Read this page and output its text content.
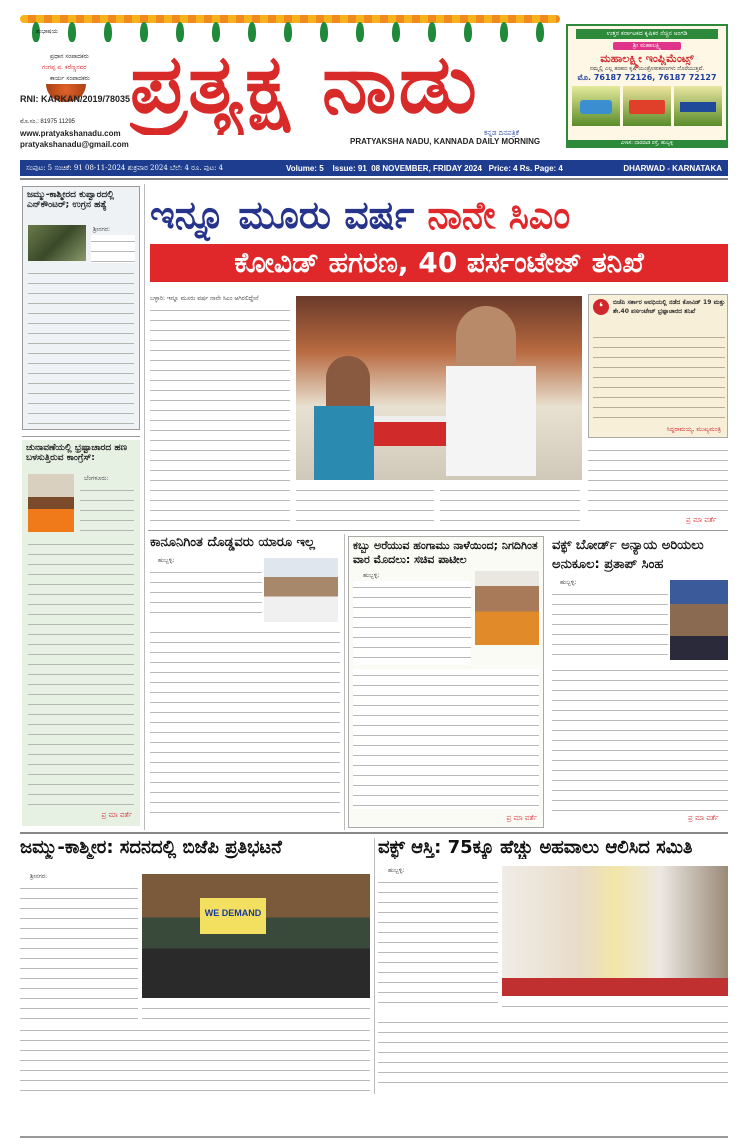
ಶುಭಾಷಯ
ಪ್ರಧಾನ ಸಂಪಾದಕರು
ಗಂಗಪ್ಪ ಪ. ಕರೆಣ್ಣನವರ
ಕಾರ್ಯ ಸಂಪಾದಕರು
RNI: KARKAN/2019/78035
ಮೊ.ಸಂ.: 81975 11295
www.pratyakshanadu.com
pratyakshanadu@gmail.com
ಪ್ರತ್ಯಕ್ಷ ನಾಡು
ಕನ್ನಡ ದಿನಪತ್ರಿಕೆ
PRATYAKSHA NADU, KANNADA DAILY MORNING
ಉತ್ತರ ಕರ್ನಾಟಕದ ಕೃಷಿಕರ ನೆಚ್ಚಿನ ಅಂಗಡಿ
ಶ್ರೀ ಮಹಾಲಕ್ಷ್ಮಿ
ಮಹಾಲಕ್ಷ್ಮೀ ಇಂಪ್ಲಿಮೆಂಟ್ಸ್
ನಮ್ಮಲ್ಲಿ ಎಲ್ಲ ತರಹದ ಕೃಷಿ ಯಂತ್ರೋಪಕರಣಗಳು ದೊರೆಯುತ್ತವೆ.
ಮೊ. 76187 72126, 76187 72127
ವಿಳಾಸ: ಧಾರವಾಡ ರಸ್ತೆ, ಹುಬ್ಬಳ್ಳಿ
ಸಂಪುಟ: 5 ಸಂಚಿಕೆ: 91 08-11-2024 ಶುಕ್ರವಾರ 2024 ಬೆಲೆ: 4 ರೂ. ಪುಟ: 4	Volume: 5 Issue: 91 08 NOVEMBER, FRIDAY 2024 Price: 4 Rs. Page: 4	DHARWAD - KARNATAKA
ಜಮ್ಮು-ಕಾಶ್ಮೀರದ ಕುಪ್ವಾರದಲ್ಲಿ ಎನ್‌ಕೌಂಟರ್; ಉಗ್ರನ ಹತ್ಯೆ
ಶ್ರೀನಗರ:
ಚುನಾವಣೆಯಲ್ಲಿ ಭ್ರಷ್ಟಾಚಾರದ ಹಣ ಬಳಸುತ್ತಿರುವ ಕಾಂಗ್ರೆಸ್:
ಬೆಂಗಳೂರು:
ಪ್ರ ಮಾ ವರ್ತೆ
ಇನ್ನೂ ಮೂರು ವರ್ಷ ನಾನೇ ಸಿಎಂ
ಕೋವಿಡ್ ಹಗರಣ, 40 ಪರ್ಸಂಟೇಜ್ ತನಿಖೆ
ಬಳ್ಳಾರಿ: ಇನ್ನೂ ಮೂರು ವರ್ಷ ನಾನೇ ಸಿಎಂ ಆಗಿರಲಿದ್ದೇನೆ
❛	ಬಿಜೆಪಿ ಸರ್ಕಾರ ಅವಧಿಯಲ್ಲಿ ನಡೆದ ಕೋವಿಡ್ 19 ಮತ್ತು ಶೇ.40 ಪರ್ಸಂಟೇಜ್ ಭ್ರಷ್ಟಾಚಾರದ ತನಿಖೆ
ಸಿದ್ದರಾಮಯ್ಯ, ಮುಖ್ಯಮಂತ್ರಿ
ಪ್ರ ಮಾ ವರ್ತೆ
ಕಾನೂನಿಗಿಂತ ದೊಡ್ಡವರು ಯಾರೂ ಇಲ್ಲ
ಹುಬ್ಬಳ್ಳಿ:
ಕಬ್ಬು ಅರೆಯುವ ಹಂಗಾಮು ನಾಳೆಯಿಂದ; ನಿಗದಿಗಿಂತ ವಾರ ಮೊದಲು: ಸಚಿವ ಪಾಟೀಲ
ಹುಬ್ಬಳ್ಳಿ:
ಪ್ರ ಮಾ ವರ್ತೆ
ವಕ್ಫ್ ಬೋರ್ಡ್ ಅನ್ಯಾಯ ಅರಿಯಲು ಅನುಕೂಲ: ಪ್ರತಾಪ್ ಸಿಂಹ
ಹುಬ್ಬಳ್ಳಿ:
ಪ್ರ ಮಾ ವರ್ತೆ
ಜಮ್ಮು-ಕಾಶ್ಮೀರ: ಸದನದಲ್ಲಿ ಬಿಜೆಪಿ ಪ್ರತಿಭಟನೆ
ಶ್ರೀನಗರ:
WE DEMAND
ವಕ್ಫ್ ಆಸ್ತಿ: 75ಕ್ಕೂ ಹೆಚ್ಚು ಅಹವಾಲು ಆಲಿಸಿದ ಸಮಿತಿ
ಹುಬ್ಬಳ್ಳಿ:
